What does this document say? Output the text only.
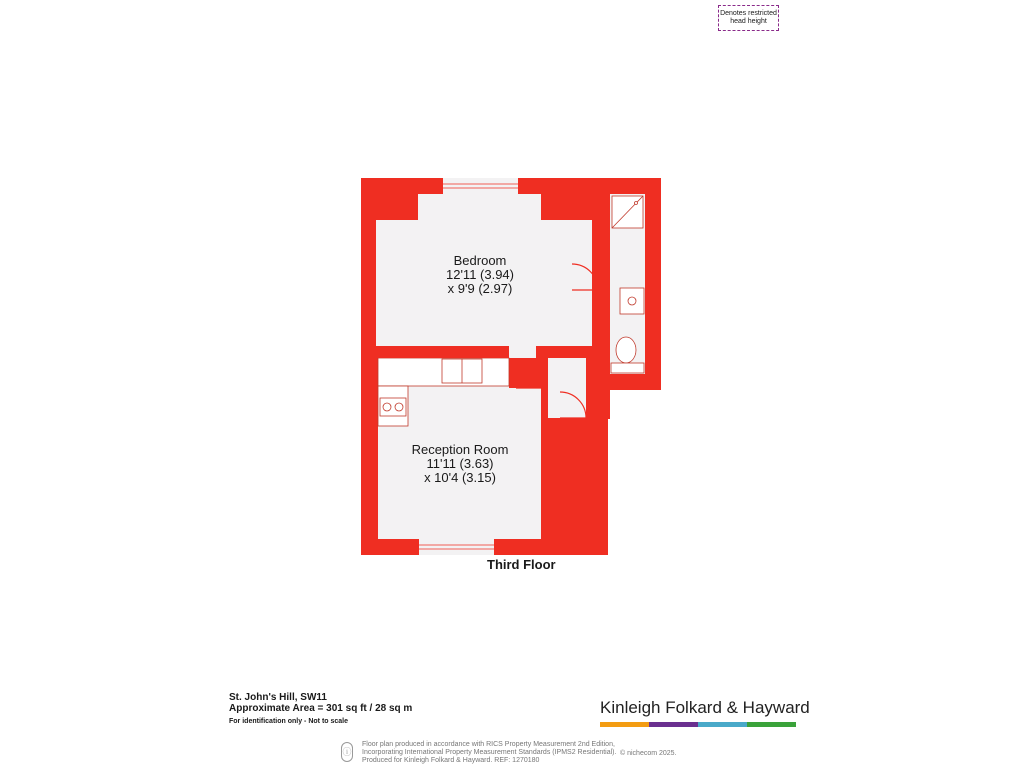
Denotes restricted
head height
Bedroom
12'11 (3.94)
x 9'9 (2.97)
Reception Room
11'11 (3.63)
x 10'4 (3.15)
Third Floor
St. John's Hill, SW11
Approximate Area = 301 sq ft / 28 sq m
For identification only - Not to scale
Kinleigh Folkard & Hayward
ⓘ
Floor plan produced in accordance with RICS Property Measurement 2nd Edition,
Incorporating International Property Measurement Standards (IPMS2 Residential).
Produced for Kinleigh Folkard & Hayward. REF: 1270180
© nichecom 2025.
